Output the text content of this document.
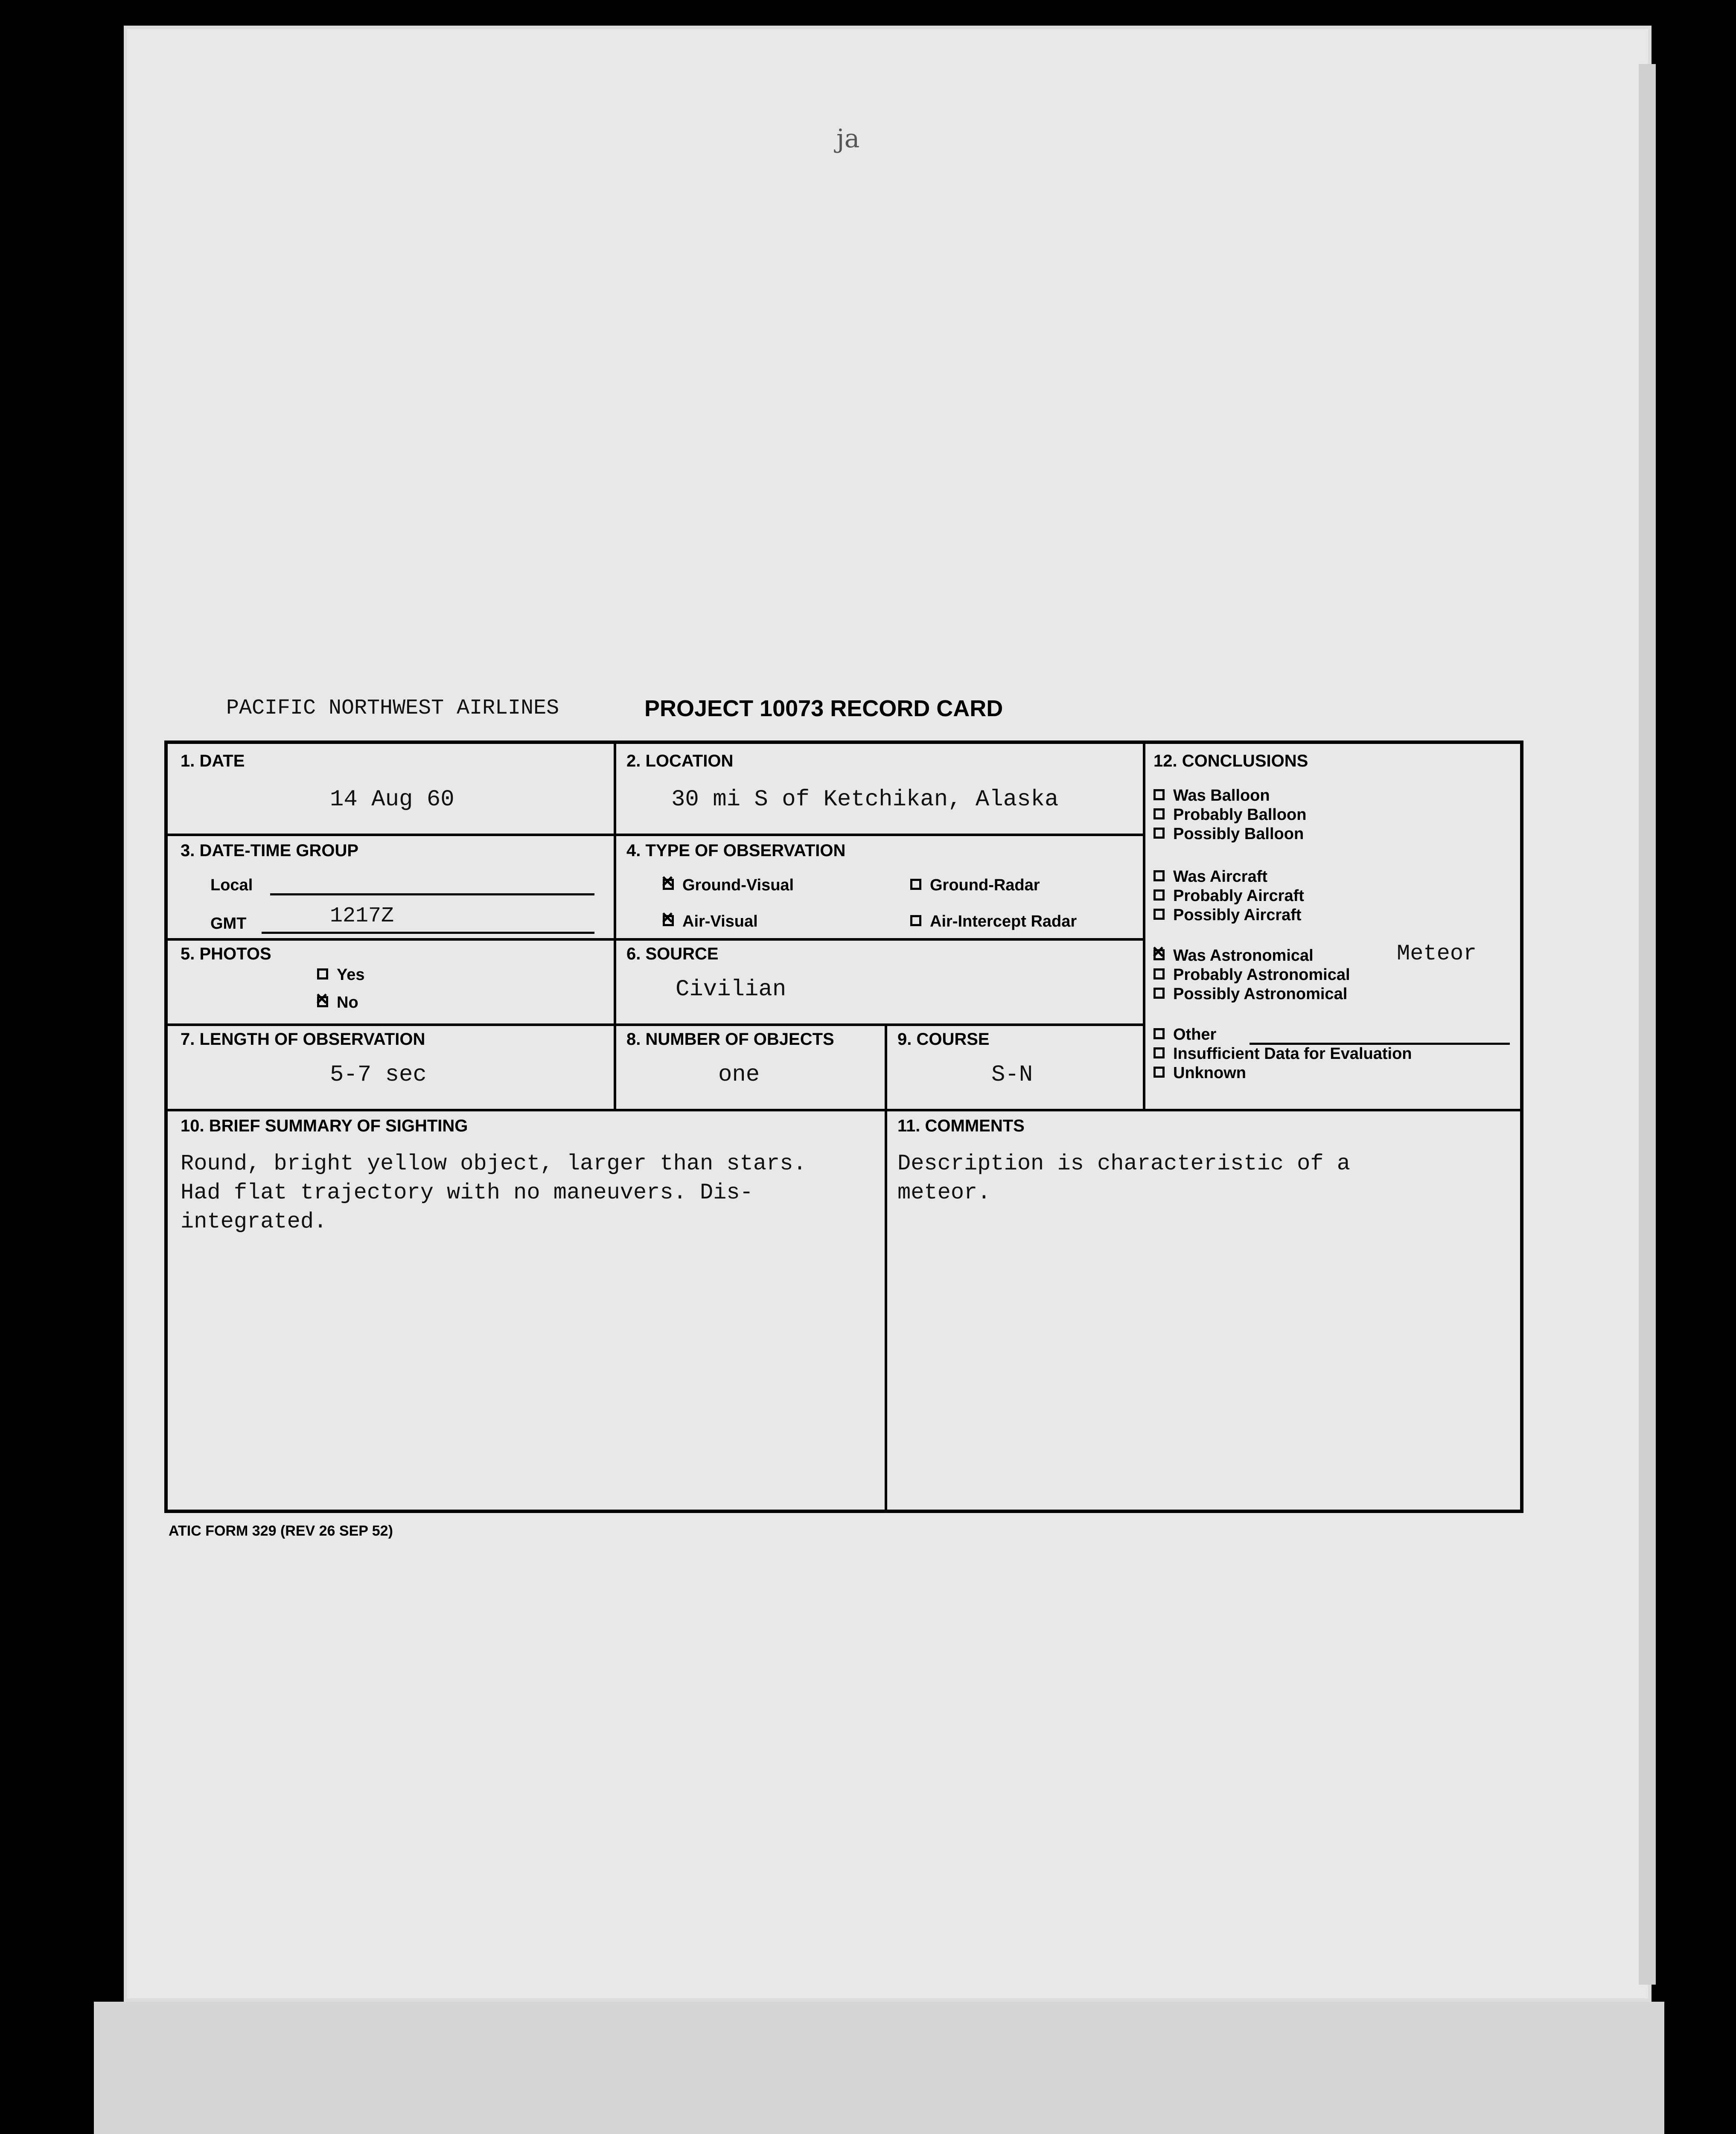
ja
PACIFIC NORTHWEST AIRLINES	PROJECT 10073 RECORD CARD
1. DATE
14 Aug 60
2. LOCATION
30 mi S of Ketchikan, Alaska
3. DATE-TIME GROUP
Local
GMT	1217Z
4. TYPE OF OBSERVATION
×Ground-Visual	Ground-Radar
×Air-Visual	Air-Intercept Radar
5. PHOTOS
Yes
×No
6. SOURCE
Civilian
7. LENGTH OF OBSERVATION
5-7 sec
8. NUMBER OF OBJECTS
one
9. COURSE
S-N
12. CONCLUSIONS
Was Balloon
Probably Balloon
Possibly Balloon
Was Aircraft
Probably Aircraft
Possibly Aircraft
×Was Astronomical	Meteor
Probably Astronomical
Possibly Astronomical
Other
Insufficient Data for Evaluation
Unknown
10. BRIEF SUMMARY OF SIGHTING
Round, bright yellow object, larger than stars.
Had flat trajectory with no maneuvers. Dis-
integrated.
11. COMMENTS
Description is characteristic of a
meteor.
ATIC FORM 329 (REV 26 SEP 52)
